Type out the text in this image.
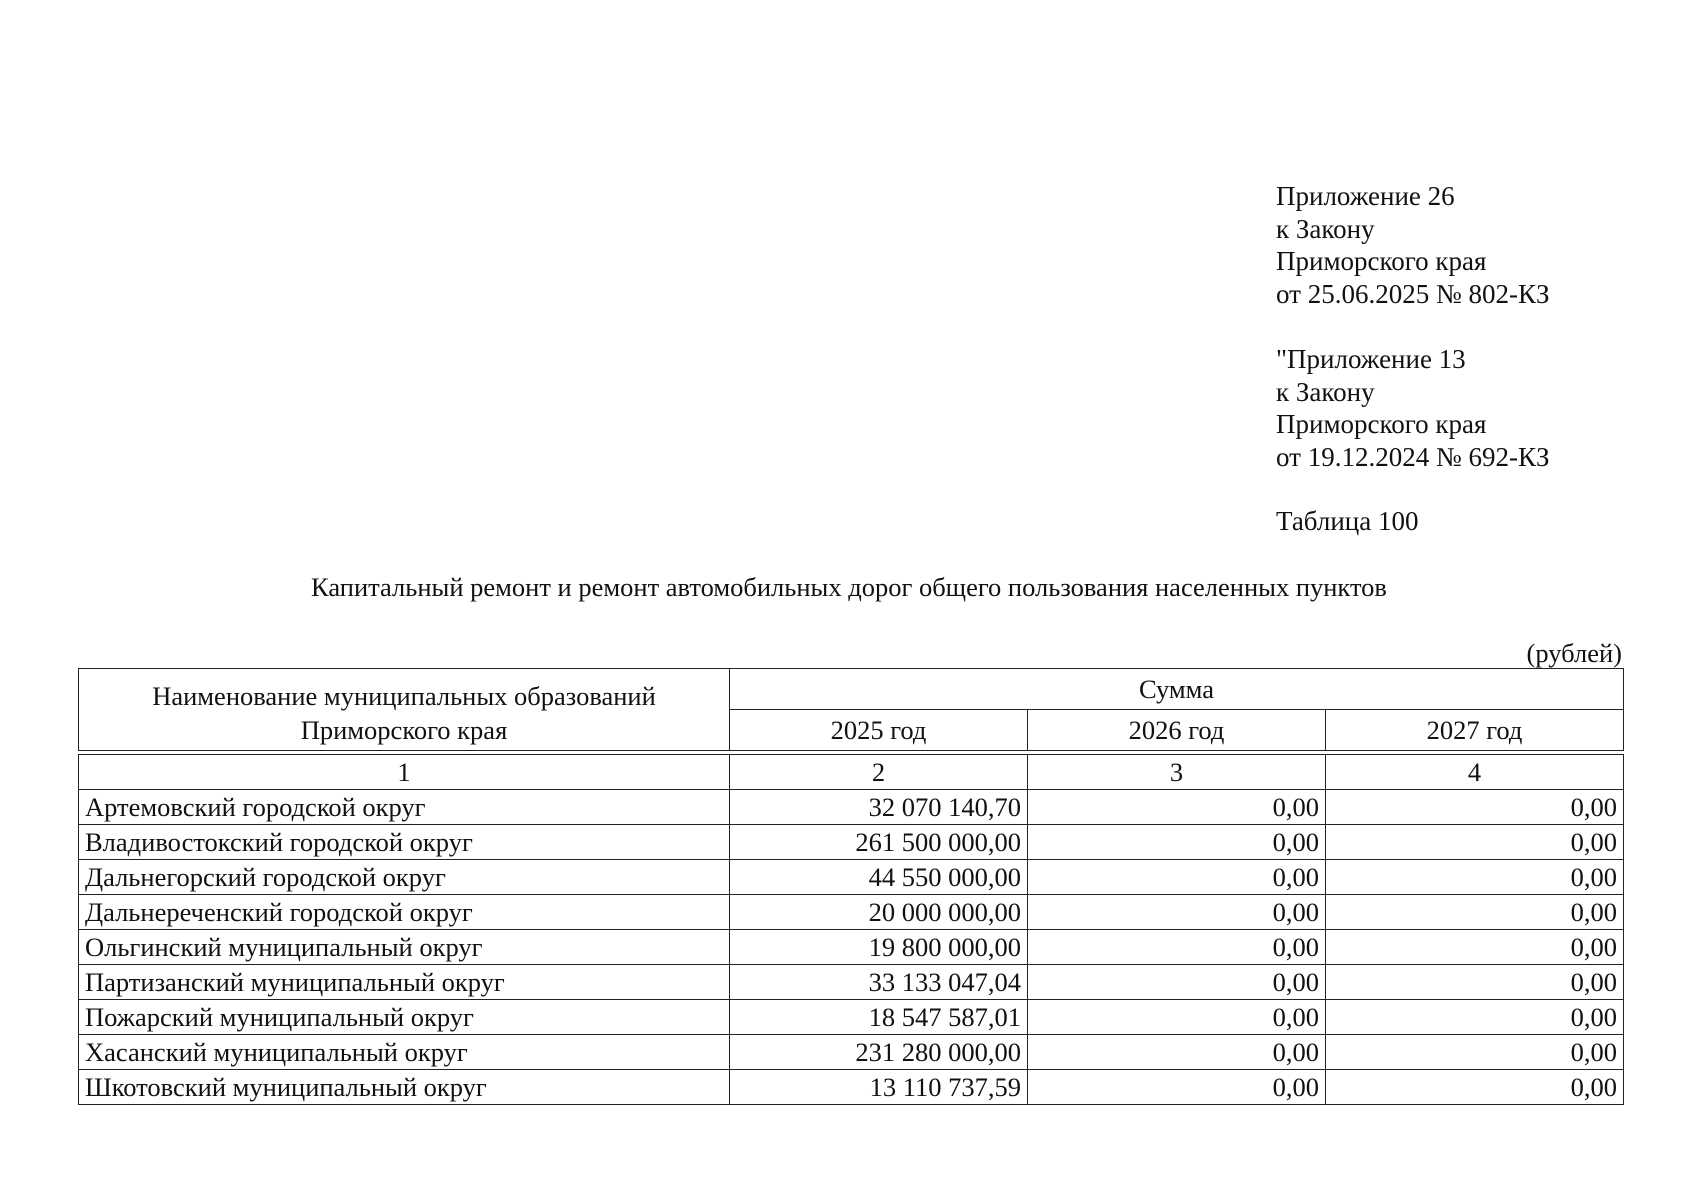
Приложение 26
к Закону
Приморского края
от 25.06.2025 № 802-КЗ
"Приложение 13
к Закону
Приморского края
от 19.12.2024 № 692-КЗ
Таблица 100
Капитальный ремонт и ремонт автомобильных дорог общего пользования населенных пунктов
(рублей)
Наименование муниципальных образований Приморского края	Сумма		
	2025 год	2026 год	2027 год

1	2	3	4
Артемовский городской округ	32 070 140,70	0,00	0,00
Владивостокский городской округ	261 500 000,00	0,00	0,00
Дальнегорский городской округ	44 550 000,00	0,00	0,00
Дальнереченский городской округ	20 000 000,00	0,00	0,00
Ольгинский муниципальный округ	19 800 000,00	0,00	0,00
Партизанский муниципальный округ	33 133 047,04	0,00	0,00
Пожарский муниципальный округ	18 547 587,01	0,00	0,00
Хасанский муниципальный округ	231 280 000,00	0,00	0,00
Шкотовский муниципальный округ	13 110 737,59	0,00	0,00
